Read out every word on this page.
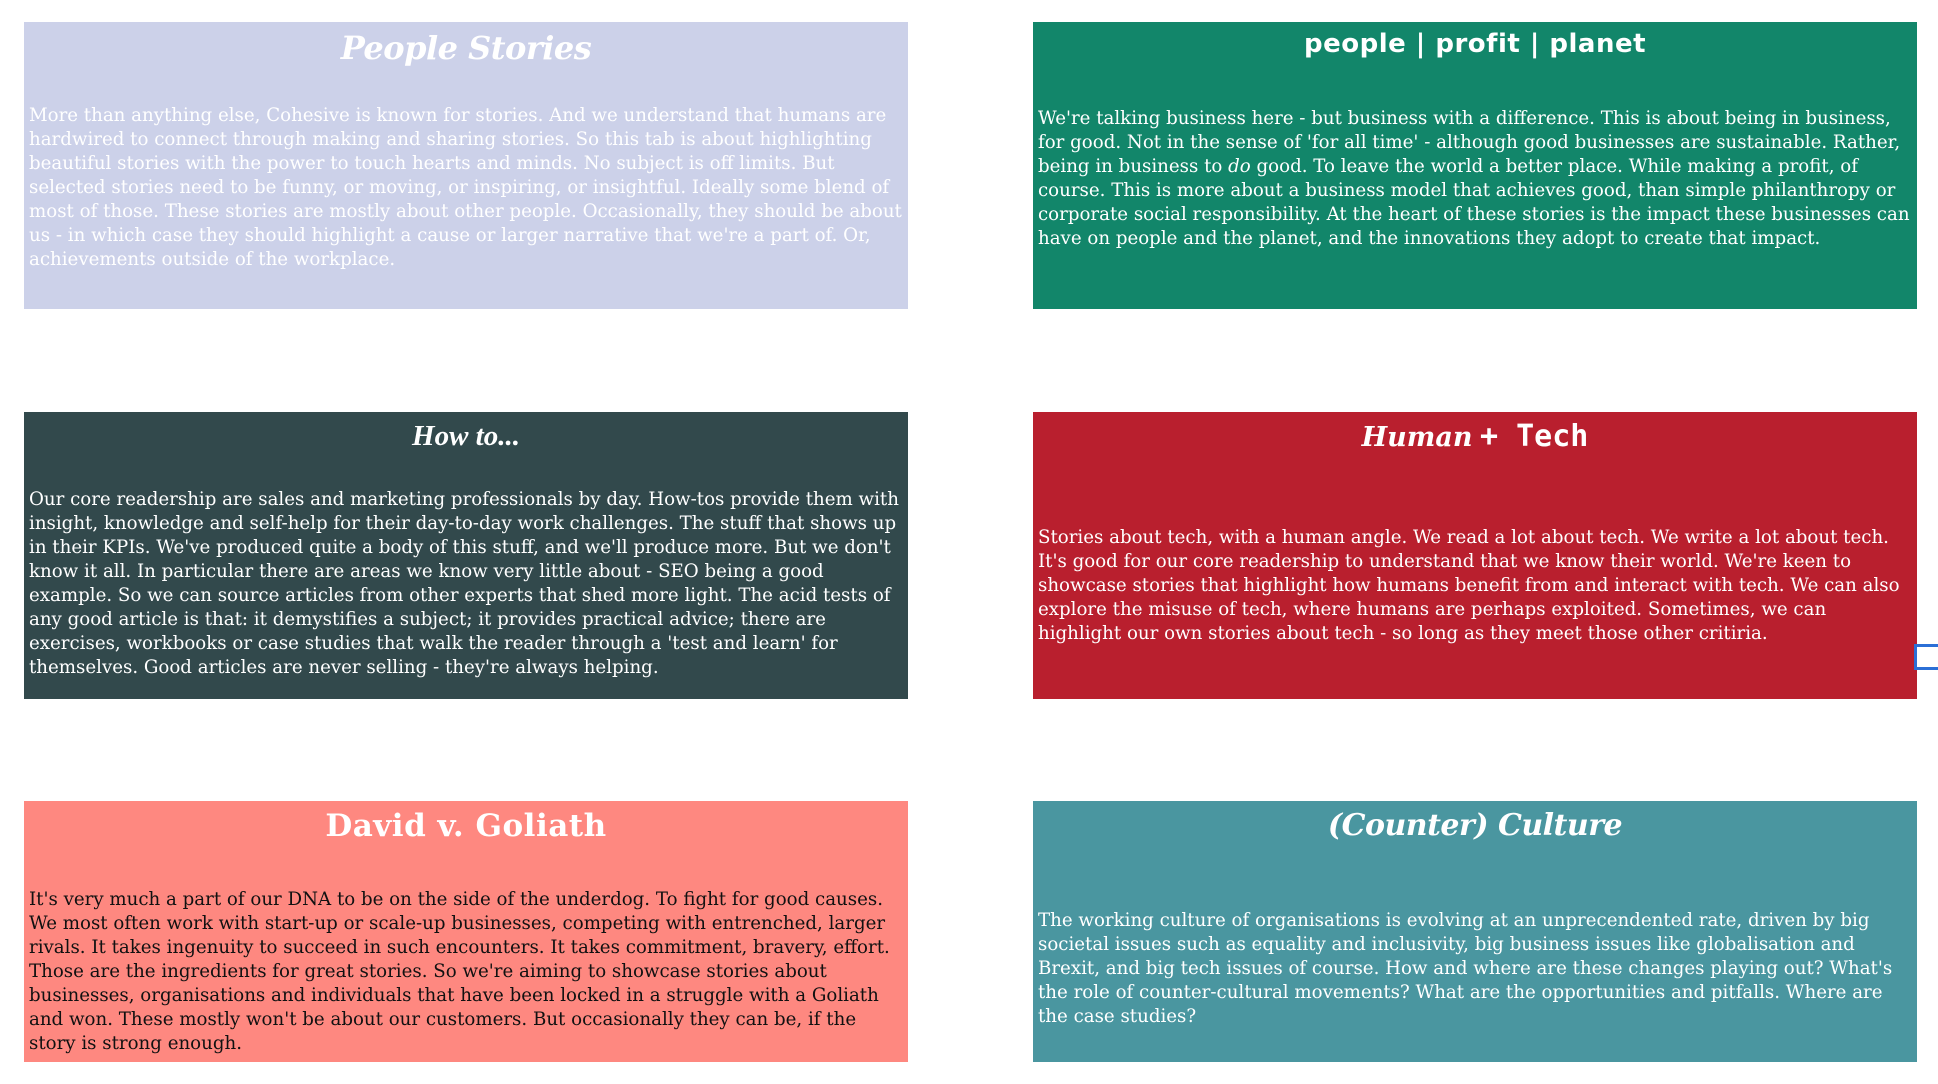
People Stories

More than anything else, Cohesive is known for stories. And we understand that humans are hardwired to connect through making and sharing stories. So this tab is about highlighting beautiful stories with the power to touch hearts and minds. No subject is off limits. But selected stories need to be funny, or moving, or inspiring, or insightful. Ideally some blend of most of those. These stories are mostly about other people. Occasionally, they should be about us - in which case they should highlight a cause or larger narrative that we're a part of. Or, achievements outside of the workplace.

people | profit | planet

We're talking business here - but business with a difference. This is about being in business, for good. Not in the sense of 'for all time' - although good businesses are sustainable. Rather, being in business to do good. To leave the world a better place. While making a profit, of course. This is more about a business model that achieves good, than simple philanthropy or corporate social responsibility. At the heart of these stories is the impact these businesses can have on people and the planet, and the innovations they adopt to create that impact.

How to...

Our core readership are sales and marketing professionals by day. How-tos provide them with insight, knowledge and self-help for their day-to-day work challenges. The stuff that shows up in their KPIs. We've produced quite a body of this stuff, and we'll produce more. But we don't know it all. In particular there are areas we know very little about - SEO being a good example. So we can source articles from other experts that shed more light. The acid tests of any good article is that: it demystifies a subject; it provides practical advice; there are exercises, workbooks or case studies that walk the reader through a 'test and learn' for themselves. Good articles are never selling - they're always helping.

Human + Tech

Stories about tech, with a human angle. We read a lot about tech. We write a lot about tech. It's good for our core readership to understand that we know their world. We're keen to showcase stories that highlight how humans benefit from and interact with tech. We can also explore the misuse of tech, where humans are perhaps exploited. Sometimes, we can highlight our own stories about tech - so long as they meet those other critiria.

David v. Goliath

It's very much a part of our DNA to be on the side of the underdog. To fight for good causes. We most often work with start-up or scale-up businesses, competing with entrenched, larger rivals. It takes ingenuity to succeed in such encounters. It takes commitment, bravery, effort. Those are the ingredients for great stories. So we're aiming to showcase stories about businesses, organisations and individuals that have been locked in a struggle with a Goliath and won. These mostly won't be about our customers. But occasionally they can be, if the story is strong enough.

(Counter) Culture

The working culture of organisations is evolving at an unprecendented rate, driven by big societal issues such as equality and inclusivity, big business issues like globalisation and Brexit, and big tech issues of course. How and where are these changes playing out? What's the role of counter-cultural movements? What are the opportunities and pitfalls. Where are the case studies?
